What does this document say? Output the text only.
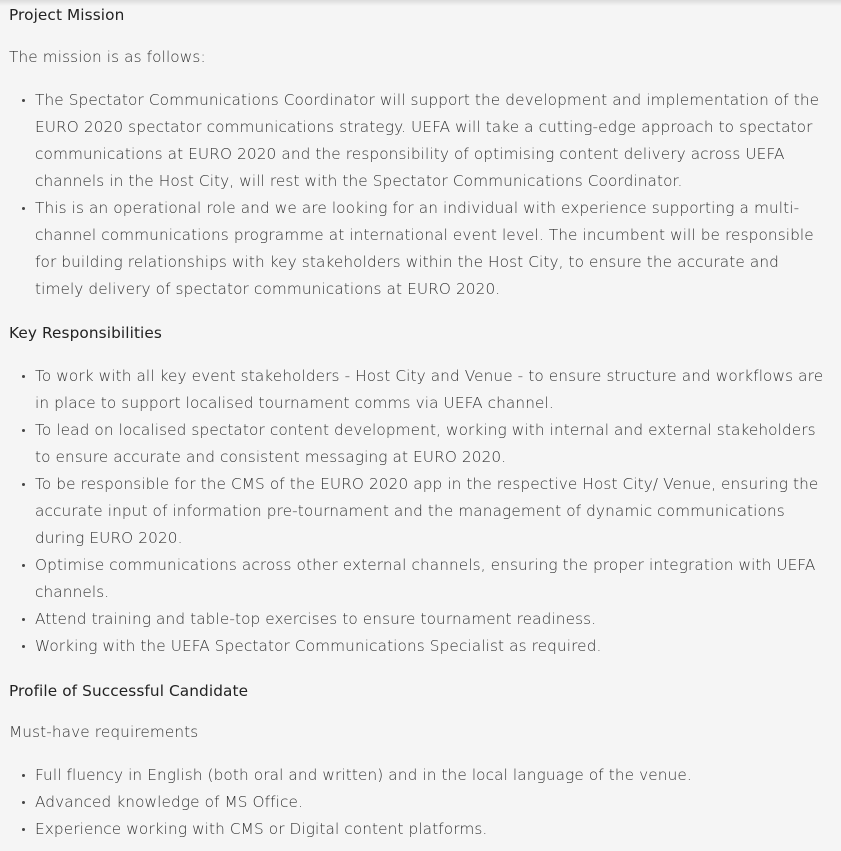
Project Mission

The mission is as follows:

The Spectator Communications Coordinator will support the development and implementation of the EURO 2020 spectator communications strategy. UEFA will take a cutting-edge approach to spectator communications at EURO 2020 and the responsibility of optimising content delivery across UEFA channels in the Host City, will rest with the Spectator Communications Coordinator.
This is an operational role and we are looking for an individual with experience supporting a multi-channel communications programme at international event level. The incumbent will be responsible for building relationships with key stakeholders within the Host City, to ensure the accurate and timely delivery of spectator communications at EURO 2020.
Key Responsibilities
To work with all key event stakeholders - Host City and Venue - to ensure structure and workflows are in place to support localised tournament comms via UEFA channel.
To lead on localised spectator content development, working with internal and external stakeholders to ensure accurate and consistent messaging at EURO 2020.
To be responsible for the CMS of the EURO 2020 app in the respective Host City/ Venue, ensuring the accurate input of information pre-tournament and the management of dynamic communications during EURO 2020.
Optimise communications across other external channels, ensuring the proper integration with UEFA channels.
Attend training and table-top exercises to ensure tournament readiness.
Working with the UEFA Spectator Communications Specialist as required.
Profile of Successful Candidate

Must-have requirements

Full fluency in English (both oral and written) and in the local language of the venue.
Advanced knowledge of MS Office.
Experience working with CMS or Digital content platforms.
